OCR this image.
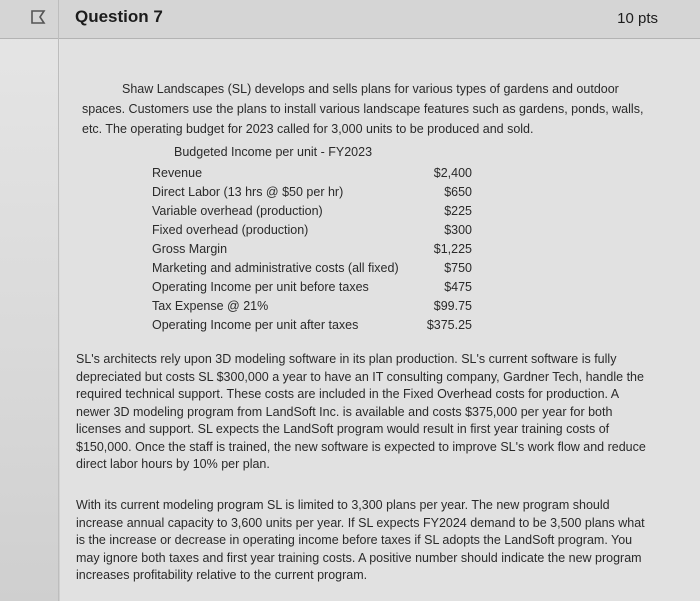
Question 7	10 pts
Shaw Landscapes (SL) develops and sells plans for various types of gardens and outdoor spaces. Customers use the plans to install various landscape features such as gardens, ponds, walls, etc. The operating budget for 2023 called for 3,000 units to be produced and sold.
Budgeted Income per unit - FY2023
Revenue	$2,400
Direct Labor (13 hrs @ $50 per hr)	$650
Variable overhead (production)	$225
Fixed overhead (production)	$300
Gross Margin	$1,225
Marketing and administrative costs (all fixed)	$750
Operating Income per unit before taxes	$475
Tax Expense @ 21%	$99.75
Operating Income per unit after taxes	$375.25
SL's architects rely upon 3D modeling software in its plan production. SL's current software is fully depreciated but costs SL $300,000 a year to have an IT consulting company, Gardner Tech, handle the required technical support. These costs are included in the Fixed Overhead costs for production. A newer 3D modeling program from LandSoft Inc. is available and costs $375,000 per year for both licenses and support. SL expects the LandSoft program would result in first year training costs of $150,000. Once the staff is trained, the new software is expected to improve SL's work flow and reduce direct labor hours by 10% per plan.
With its current modeling program SL is limited to 3,300 plans per year. The new program should increase annual capacity to 3,600 units per year. If SL expects FY2024 demand to be 3,500 plans what is the increase or decrease in operating income before taxes if SL adopts the LandSoft program. You may ignore both taxes and first year training costs. A positive number should indicate the new program increases profitability relative to the current program.
